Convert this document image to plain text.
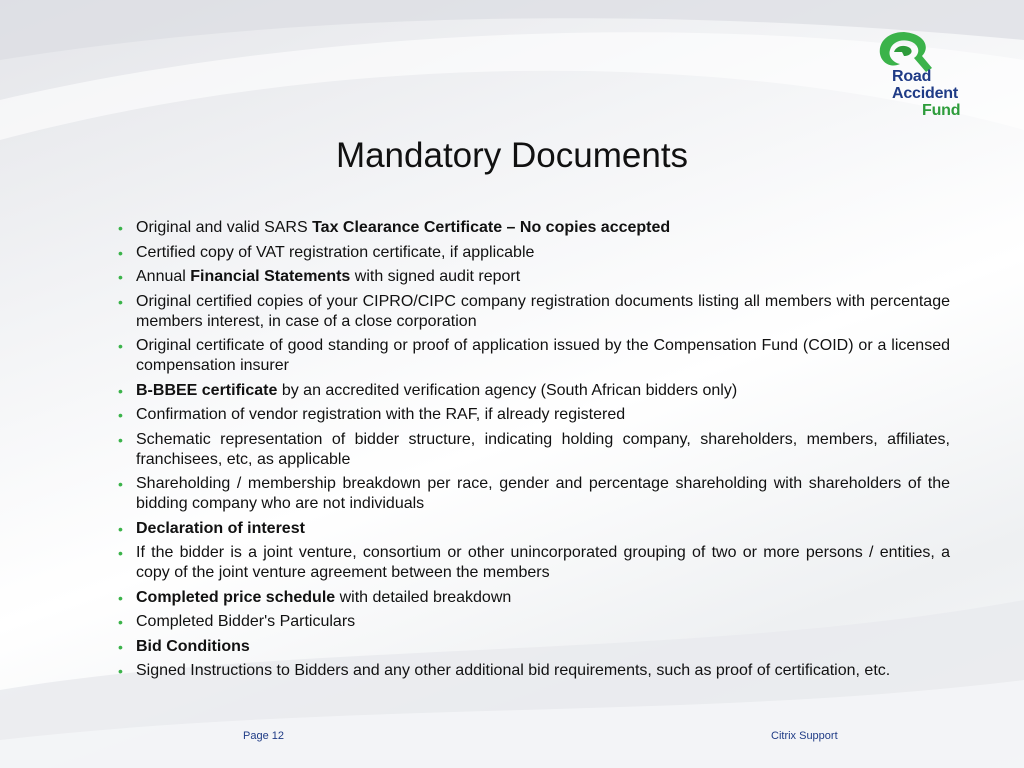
Road
Accident
Fund
Mandatory Documents
• Original and valid SARS Tax Clearance Certificate – No copies accepted
• Certified copy of VAT registration certificate, if applicable
• Annual Financial Statements with signed audit report
• Original certified copies of your CIPRO/CIPC company registration documents listing all members with percentage members interest, in case of a close corporation
• Original certificate of good standing or proof of application issued by the Compensation Fund (COID) or a licensed compensation insurer
• B-BBEE certificate by an accredited verification agency (South African bidders only)
• Confirmation of vendor registration with the RAF, if already registered
• Schematic representation of bidder structure, indicating holding company, shareholders, members, affiliates, franchisees, etc, as applicable
• Shareholding / membership breakdown per race, gender and percentage shareholding with shareholders of the bidding company who are not individuals
• Declaration of interest
• If the bidder is a joint venture, consortium or other unincorporated grouping of two or more persons / entities, a copy of the joint venture agreement between the members
• Completed price schedule with detailed breakdown
• Completed Bidder's Particulars
• Bid Conditions
• Signed Instructions to Bidders and any other additional bid requirements, such as proof of certification, etc.
Page 12	Citrix Support
